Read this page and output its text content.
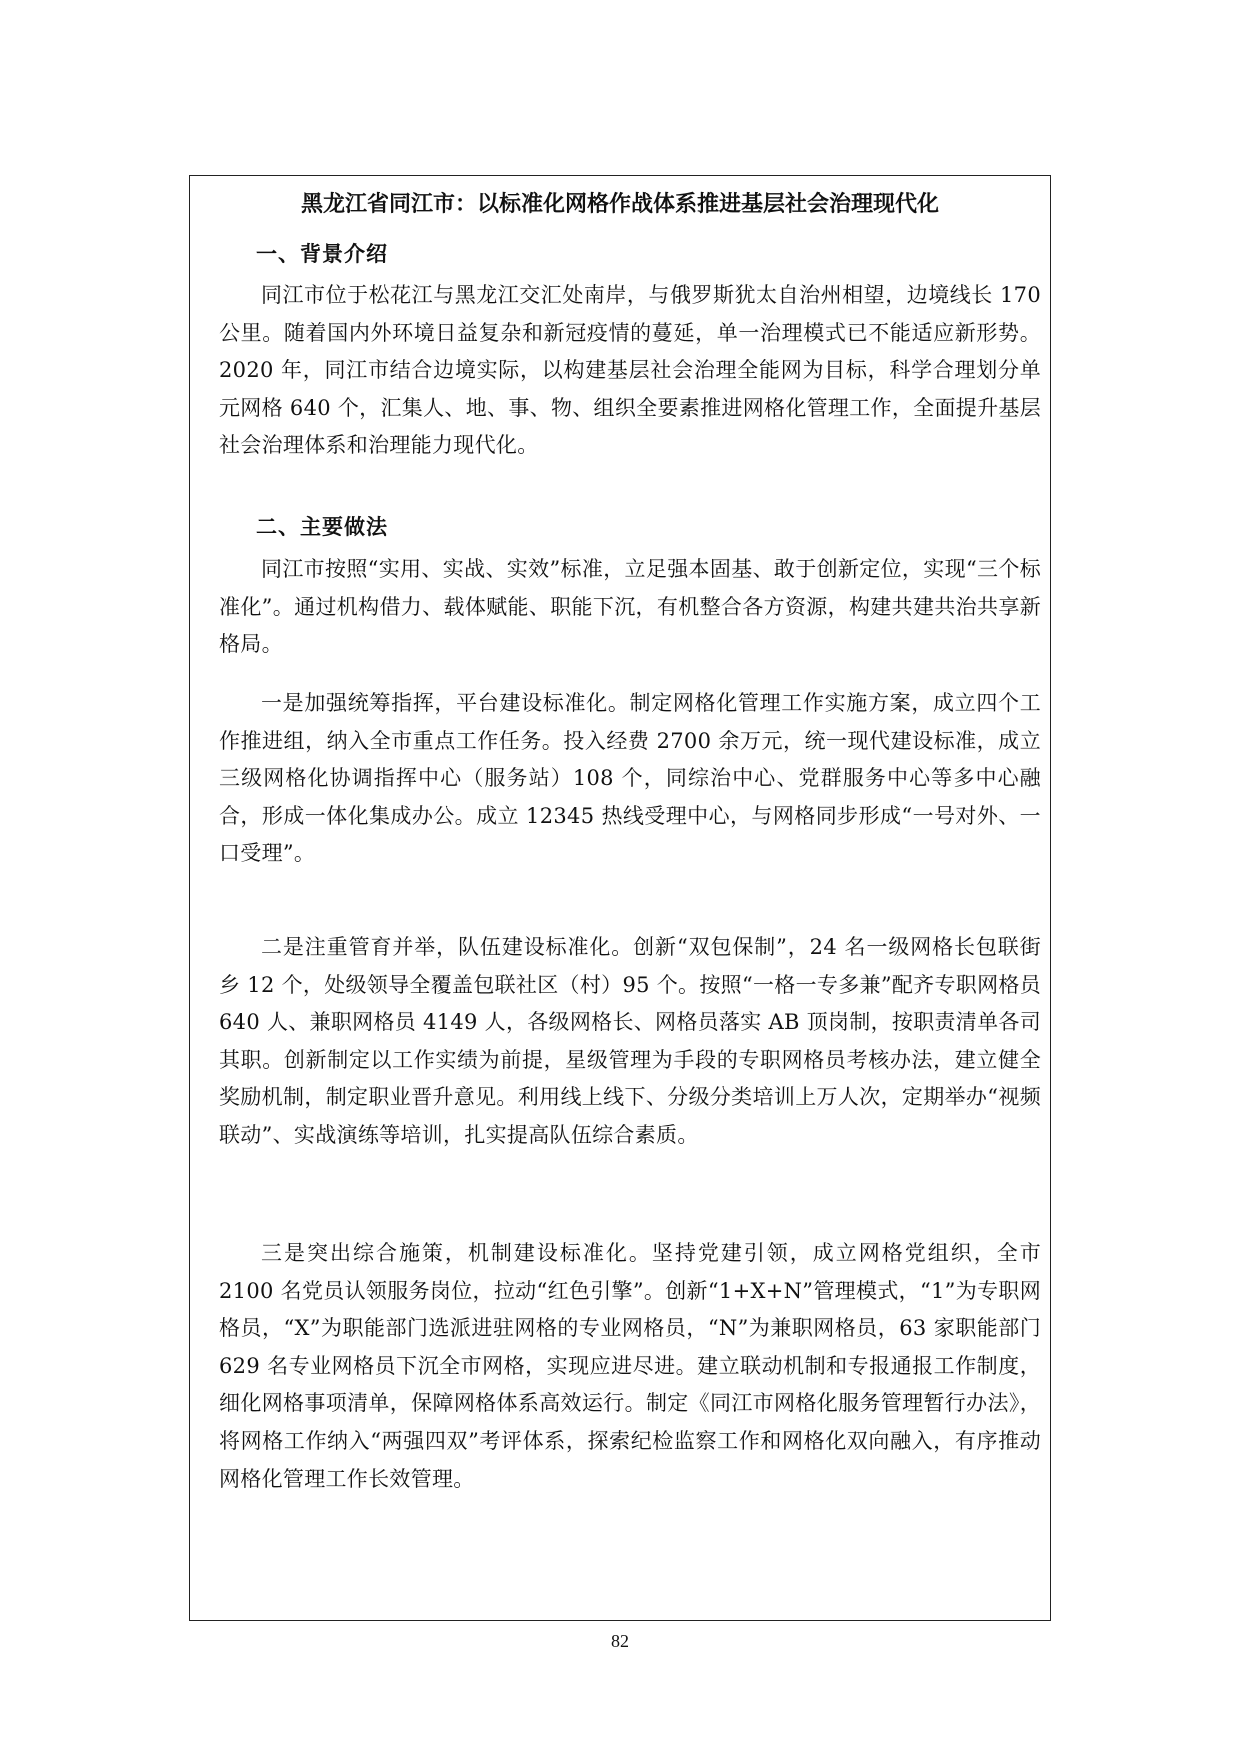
黑龙江省同江市：以标准化网格作战体系推进基层社会治理现代化
一、背景介绍

同江市位于松花江与黑龙江交汇处南岸，与俄罗斯犹太自治州相望，边境线长 170 公里。随着国内外环境日益复杂和新冠疫情的蔓延，单一治理模式已不能适应新形势。2020 年，同江市结合边境实际，以构建基层社会治理全能网为目标，科学合理划分单元网格 640 个，汇集人、地、事、物、组织全要素推进网格化管理工作，全面提升基层社会治理体系和治理能力现代化。

二、主要做法

同江市按照“实用、实战、实效”标准，立足强本固基、敢于创新定位，实现“三个标准化”。通过机构借力、载体赋能、职能下沉，有机整合各方资源，构建共建共治共享新格局。

一是加强统筹指挥，平台建设标准化。制定网格化管理工作实施方案，成立四个工作推进组，纳入全市重点工作任务。投入经费 2700 余万元，统一现代建设标准，成立三级网格化协调指挥中心（服务站）108 个，同综治中心、党群服务中心等多中心融合，形成一体化集成办公。成立 12345 热线受理中心，与网格同步形成“一号对外、一口受理”。

二是注重管育并举，队伍建设标准化。创新“双包保制”，24 名一级网格长包联街乡 12 个，处级领导全覆盖包联社区（村）95 个。按照“一格一专多兼”配齐专职网格员 640 人、兼职网格员 4149 人，各级网格长、网格员落实 AB 顶岗制，按职责清单各司其职。创新制定以工作实绩为前提，星级管理为手段的专职网格员考核办法，建立健全奖励机制，制定职业晋升意见。利用线上线下、分级分类培训上万人次，定期举办“视频联动”、实战演练等培训，扎实提高队伍综合素质。

三是突出综合施策，机制建设标准化。坚持党建引领，成立网格党组织，全市 2100 名党员认领服务岗位，拉动“红色引擎”。创新“1+X+N”管理模式，“1”为专职网格员，“X”为职能部门选派进驻网格的专业网格员，“N”为兼职网格员，63 家职能部门 629 名专业网格员下沉全市网格，实现应进尽进。建立联动机制和专报通报工作制度，细化网格事项清单，保障网格体系高效运行。制定《同江市网格化服务管理暂行办法》，将网格工作纳入“两强四双”考评体系，探索纪检监察工作和网格化双向融入，有序推动网格化管理工作长效管理。

82
